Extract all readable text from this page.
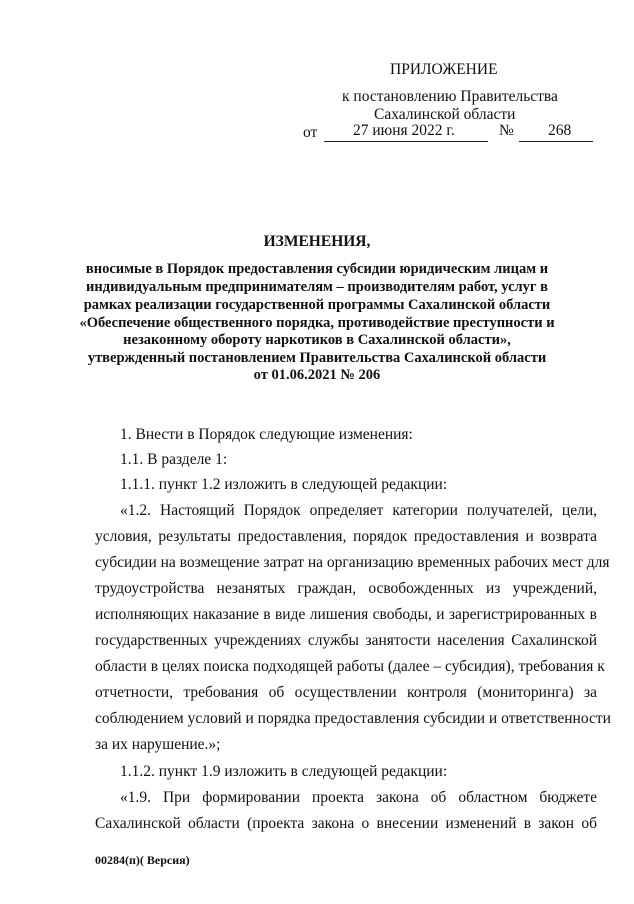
ПРИЛОЖЕНИЕ
к постановлению Правительства
Сахалинской области
от 27 июня 2022 г.	№ 268
ИЗМЕНЕНИЯ,
вносимые в Порядок предоставления субсидии юридическим лицам и
индивидуальным предпринимателям – производителям работ, услуг в
рамках реализации государственной программы Сахалинской области
«Обеспечение общественного порядка, противодействие преступности и
незаконному обороту наркотиков в Сахалинской области»,
утвержденный постановлением Правительства Сахалинской области
от 01.06.2021 № 206
1. Внести в Порядок следующие изменения:
1.1. В разделе 1:
1.1.1. пункт 1.2 изложить в следующей редакции:
«1.2. Настоящий Порядок определяет категории получателей, цели,
условия, результаты предоставления, порядок предоставления и возврата
субсидии на возмещение затрат на организацию временных рабочих мест для
трудоустройства незанятых граждан, освобожденных из учреждений,
исполняющих наказание в виде лишения свободы, и зарегистрированных в
государственных учреждениях службы занятости населения Сахалинской
области в целях поиска подходящей работы (далее – субсидия), требования к
отчетности, требования об осуществлении контроля (мониторинга) за
соблюдением условий и порядка предоставления субсидии и ответственности
за их нарушение.»;
1.1.2. пункт 1.9 изложить в следующей редакции:
«1.9. При формировании проекта закона об областном бюджете
Сахалинской области (проекта закона о внесении изменений в закон об
00284(п)( Версия)
